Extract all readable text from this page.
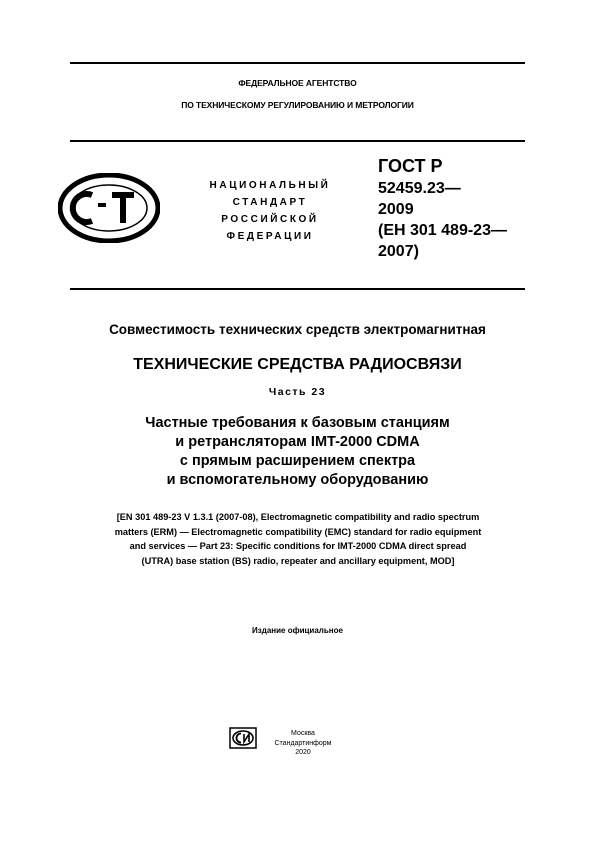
ФЕДЕРАЛЬНОЕ АГЕНТСТВО
ПО ТЕХНИЧЕСКОМУ РЕГУЛИРОВАНИЮ И МЕТРОЛОГИИ
НАЦИОНАЛЬНЫЙ
СТАНДАРТ
РОССИЙСКОЙ
ФЕДЕРАЦИИ
ГОСТ Р
52459.23—
2009
(ЕН 301 489-23—
2007)
Совместимость технических средств электромагнитная
ТЕХНИЧЕСКИЕ СРЕДСТВА РАДИОСВЯЗИ
Часть 23
Частные требования к базовым станциям
и ретрансляторам IMT-2000 CDMA
с прямым расширением спектра
и вспомогательному оборудованию
[EN 301 489-23 V 1.3.1 (2007-08), Electromagnetic compatibility and radio spectrum
matters (ERM) — Electromagnetic compatibility (EMC) standard for radio equipment
and services — Part 23: Specific conditions for IMT-2000 CDMA direct spread
(UTRA) base station (BS) radio, repeater and ancillary equipment, MOD]
Издание официальное
Москва
Стандартинформ
2020
